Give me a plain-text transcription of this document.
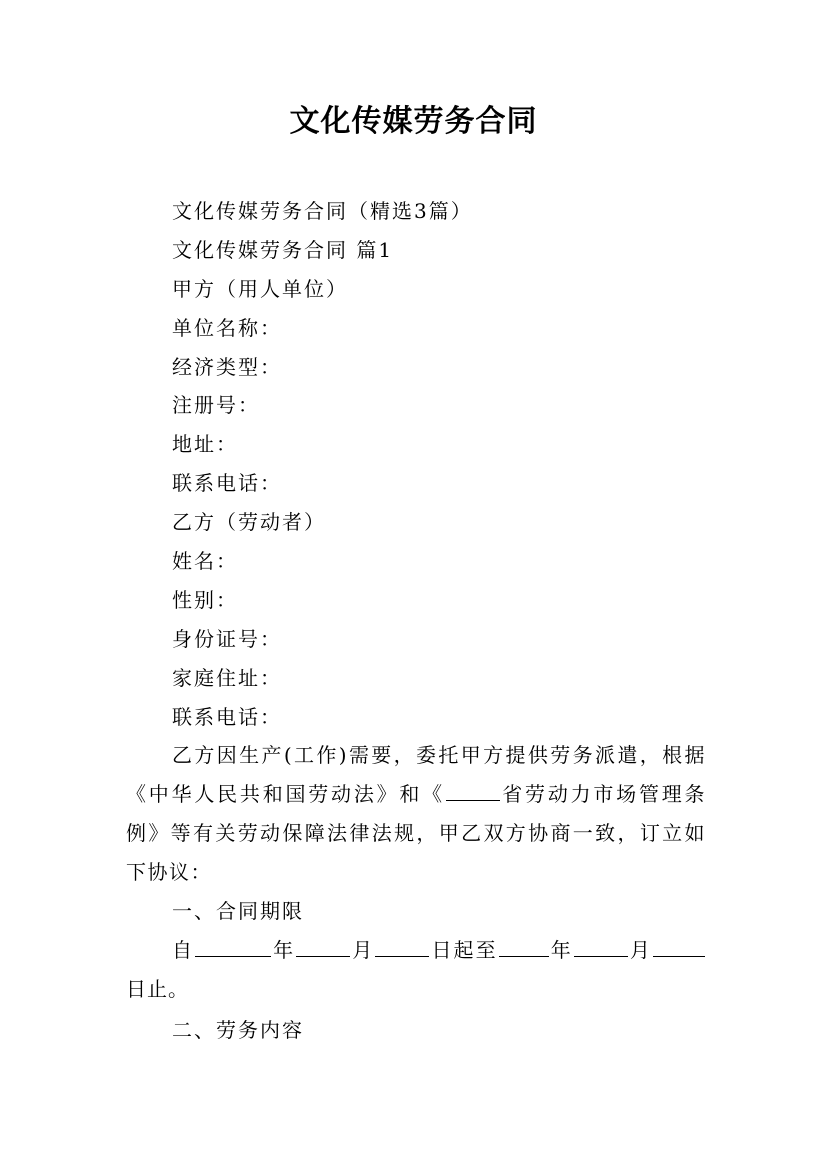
文化传媒劳务合同
文化传媒劳务合同（精选3篇）
文化传媒劳务合同 篇1
甲方（用人单位）
单位名称：
经济类型：
注册号：
地址：
联系电话：
乙方（劳动者）
姓名：
性别：
身份证号：
家庭住址：
联系电话：

乙方因生产(工作)需要，委托甲方提供劳务派遣，根据《中华人民共和国劳动法》和《	省劳动力市场管理条例》等有关劳动保障法律法规，甲乙双方协商一致，订立如下协议：

一、合同期限

自	年	月	日起至	年	月日止。

二、劳务内容
